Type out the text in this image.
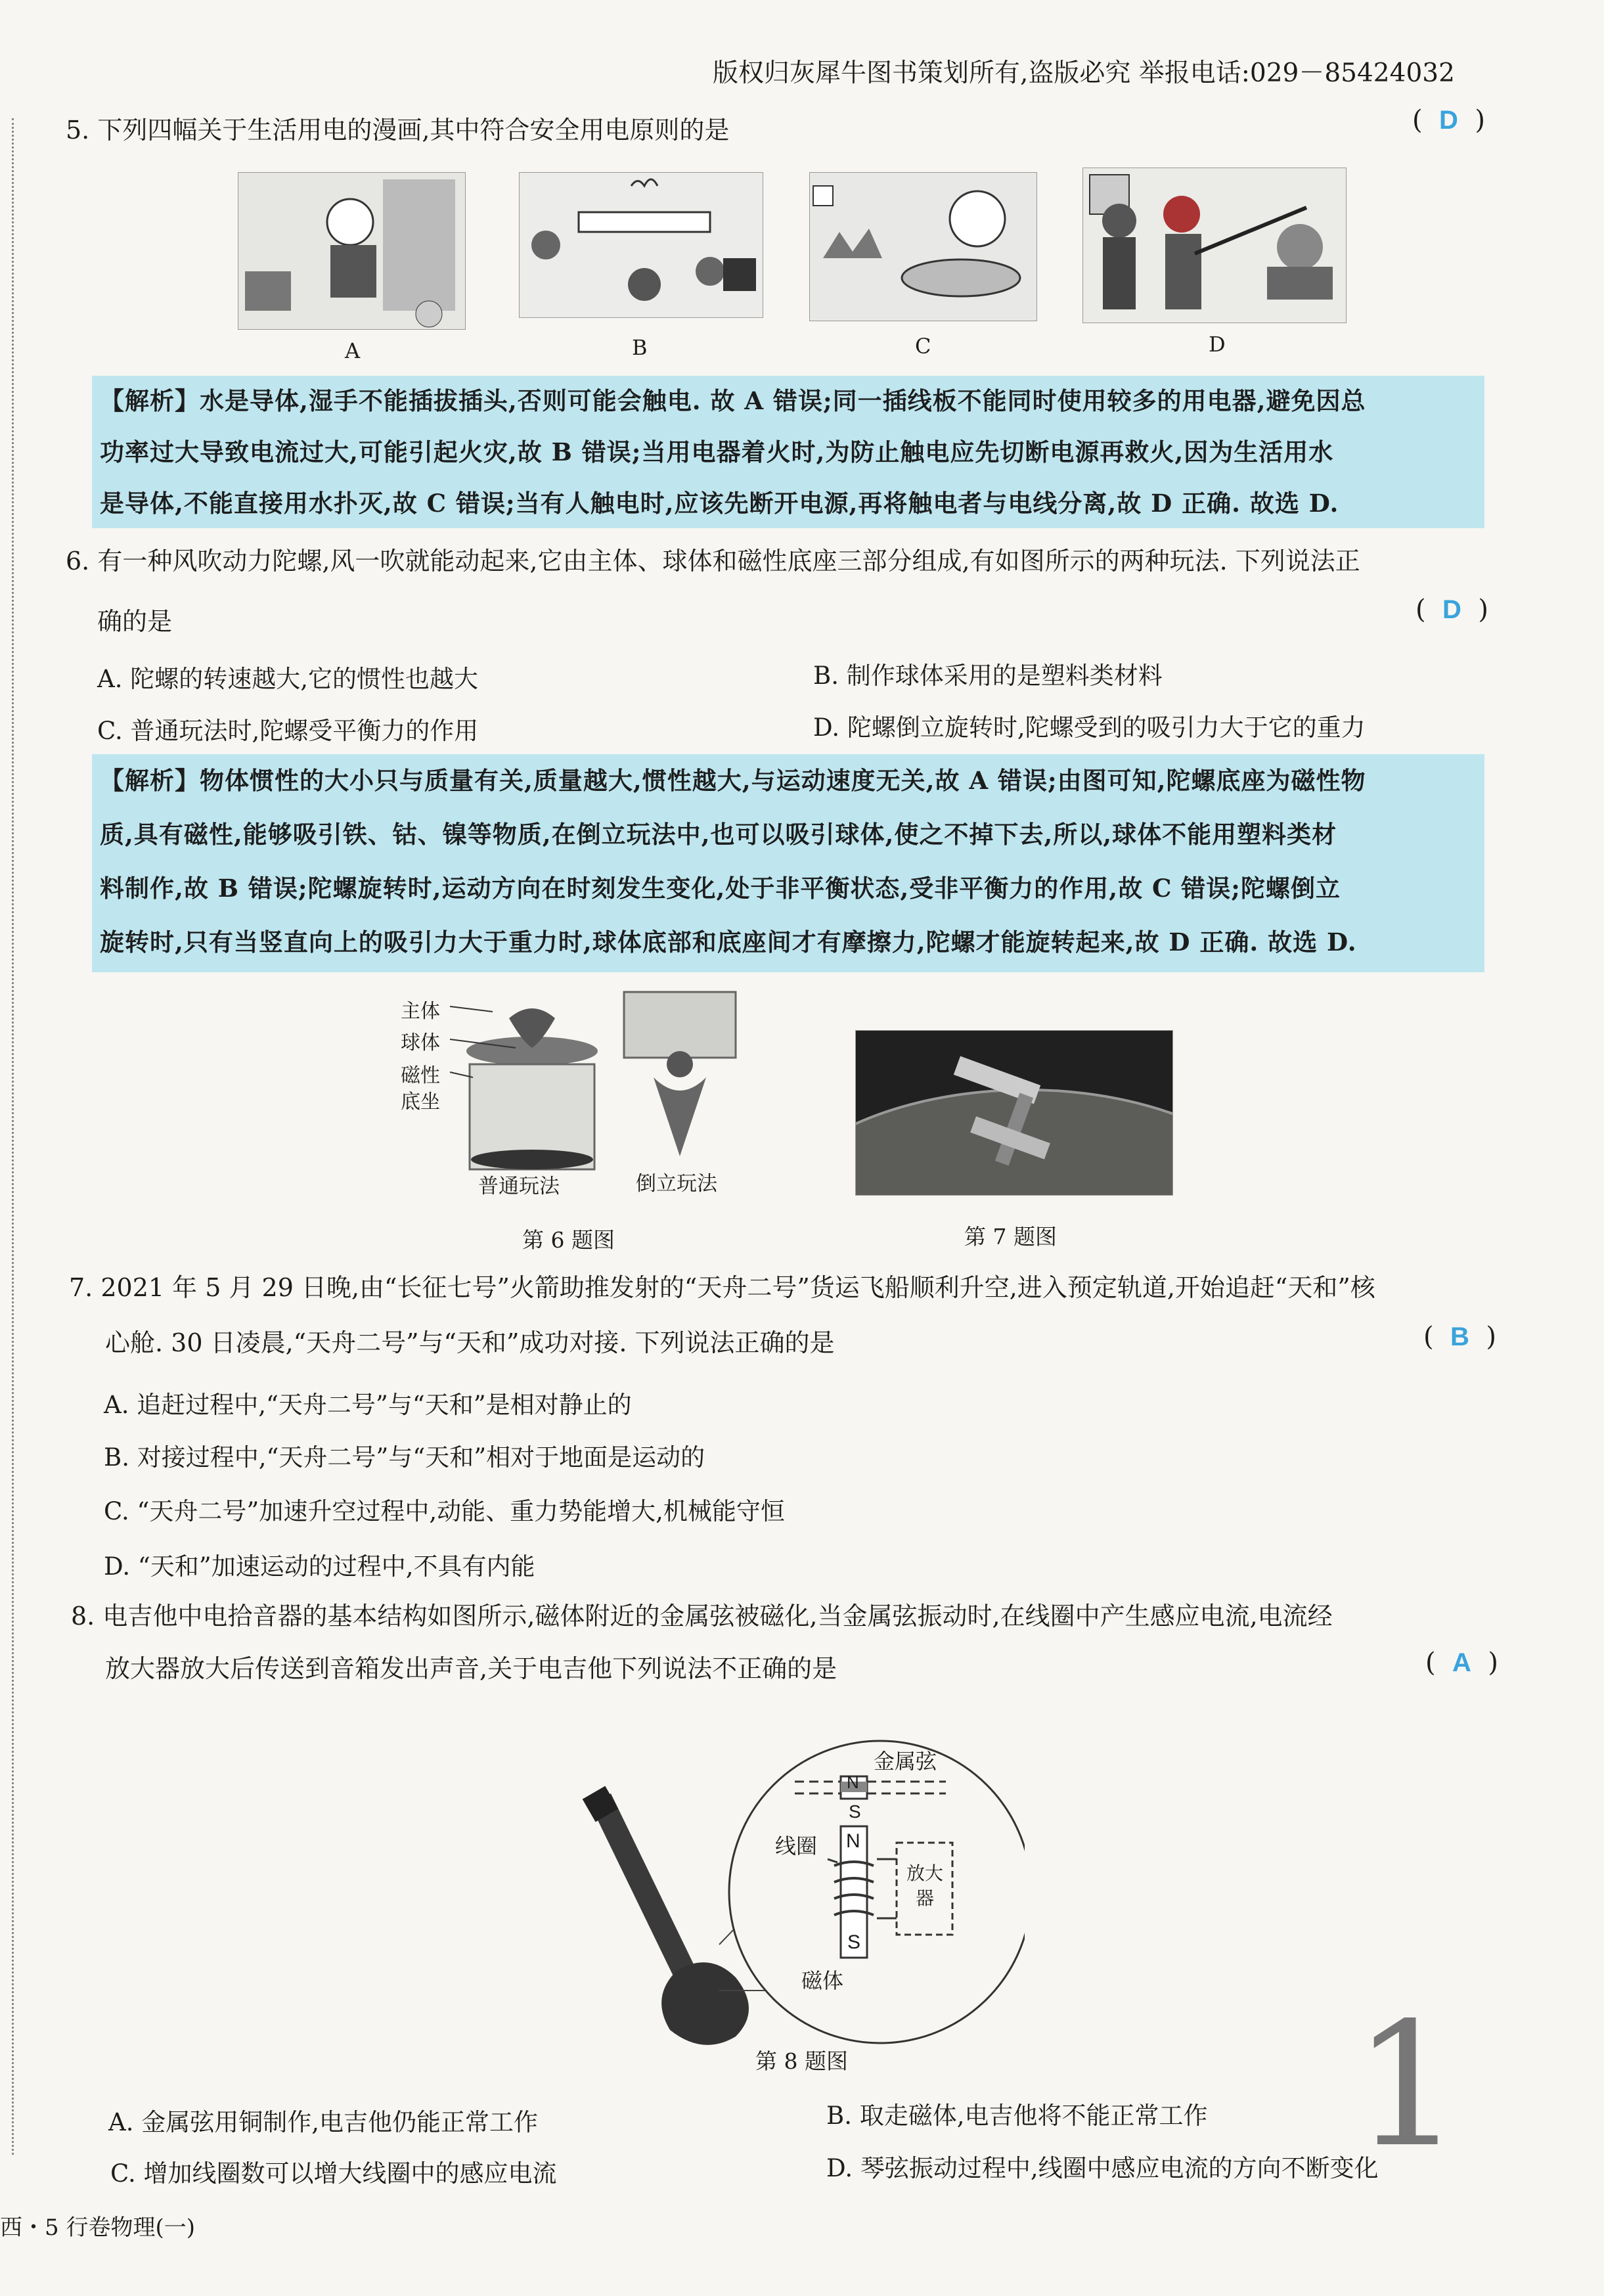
版权归灰犀牛图书策划所有,盗版必究 举报电话:029－85424032
5. 下列四幅关于生活用电的漫画,其中符合安全用电原则的是	( D )
A	B	C	D
【解析】水是导体,湿手不能插拔插头,否则可能会触电. 故 A 错误;同一插线板不能同时使用较多的用电器,避免因总
功率过大导致电流过大,可能引起火灾,故 B 错误;当用电器着火时,为防止触电应先切断电源再救火,因为生活用水
是导体,不能直接用水扑灭,故 C 错误;当有人触电时,应该先断开电源,再将触电者与电线分离,故 D 正确. 故选 D.
6. 有一种风吹动力陀螺,风一吹就能动起来,它由主体、球体和磁性底座三部分组成,有如图所示的两种玩法. 下列说法正
确的是	( D )
A. 陀螺的转速越大,它的惯性也越大	B. 制作球体采用的是塑料类材料
C. 普通玩法时,陀螺受平衡力的作用	D. 陀螺倒立旋转时,陀螺受到的吸引力大于它的重力
【解析】物体惯性的大小只与质量有关,质量越大,惯性越大,与运动速度无关,故 A 错误;由图可知,陀螺底座为磁性物
质,具有磁性,能够吸引铁、钴、镍等物质,在倒立玩法中,也可以吸引球体,使之不掉下去,所以,球体不能用塑料类材
料制作,故 B 错误;陀螺旋转时,运动方向在时刻发生变化,处于非平衡状态,受非平衡力的作用,故 C 错误;陀螺倒立
旋转时,只有当竖直向上的吸引力大于重力时,球体底部和底座间才有摩擦力,陀螺才能旋转起来,故 D 正确. 故选 D.
主体
球体
磁性
底坐
普通玩法	倒立玩法
第 6 题图	第 7 题图
7. 2021 年 5 月 29 日晚,由“长征七号”火箭助推发射的“天舟二号”货运飞船顺利升空,进入预定轨道,开始追赶“天和”核
心舱. 30 日凌晨,“天舟二号”与“天和”成功对接. 下列说法正确的是	( B )
A. 追赶过程中,“天舟二号”与“天和”是相对静止的
B. 对接过程中,“天舟二号”与“天和”相对于地面是运动的
C. “天舟二号”加速升空过程中,动能、重力势能增大,机械能守恒
D. “天和”加速运动的过程中,不具有内能
8. 电吉他中电拾音器的基本结构如图所示,磁体附近的金属弦被磁化,当金属弦振动时,在线圈中产生感应电流,电流经
放大器放大后传送到音箱发出声音,关于电吉他下列说法不正确的是	( A )
金属弦
N
S
N
S
线圈
放大
器
磁体
第 8 题图	1
A. 金属弦用铜制作,电吉他仍能正常工作	B. 取走磁体,电吉他将不能正常工作
C. 增加线圈数可以增大线圈中的感应电流	D. 琴弦振动过程中,线圈中感应电流的方向不断变化
西・5 行卷物理(一)
